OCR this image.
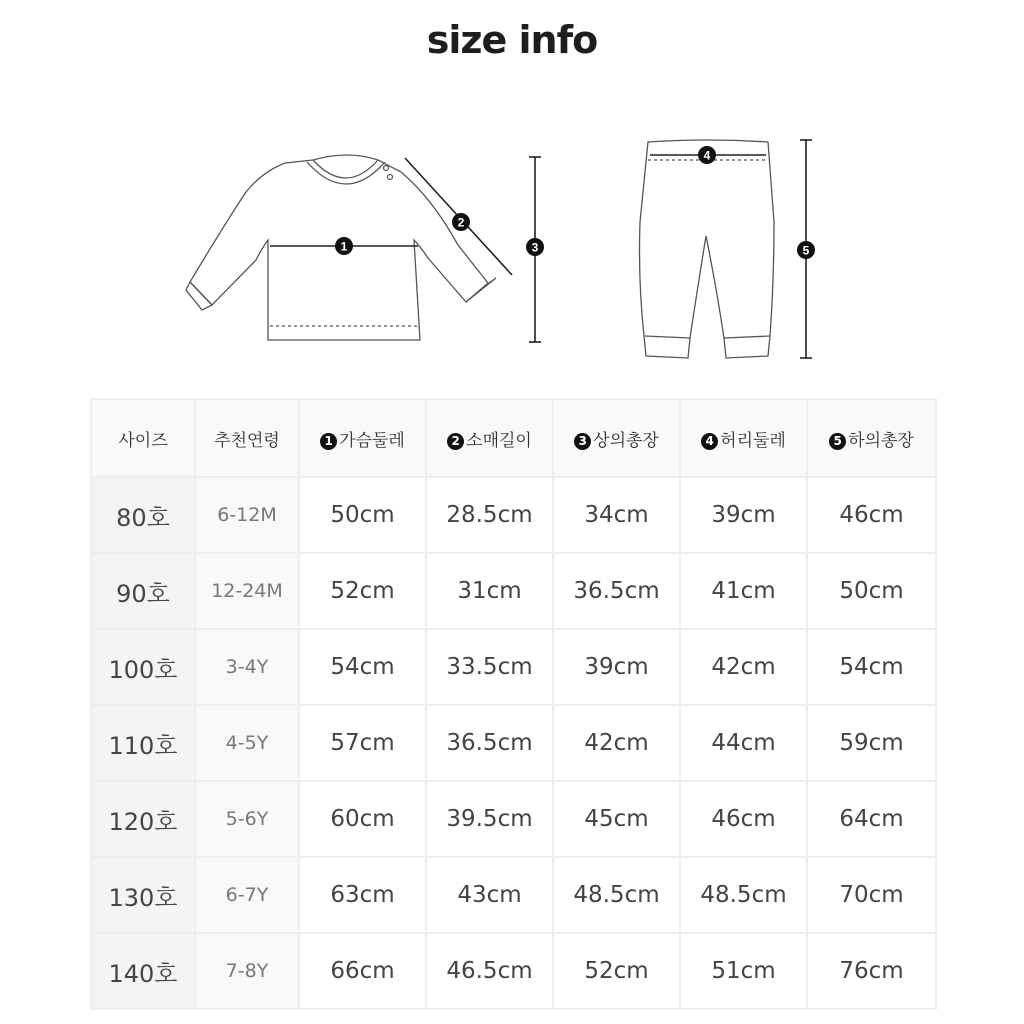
size info
1
2
3
4
5
사이즈	추천연령	1 가슴둘레	2 소매길이	3 상의총장	4 허리둘레	5 하의총장
80호	6-12M	50cm	28.5cm	34cm	39cm	46cm
90호	12-24M	52cm	31cm	36.5cm	41cm	50cm
100호	3-4Y	54cm	33.5cm	39cm	42cm	54cm
110호	4-5Y	57cm	36.5cm	42cm	44cm	59cm
120호	5-6Y	60cm	39.5cm	45cm	46cm	64cm
130호	6-7Y	63cm	43cm	48.5cm	48.5cm	70cm
140호	7-8Y	66cm	46.5cm	52cm	51cm	76cm
